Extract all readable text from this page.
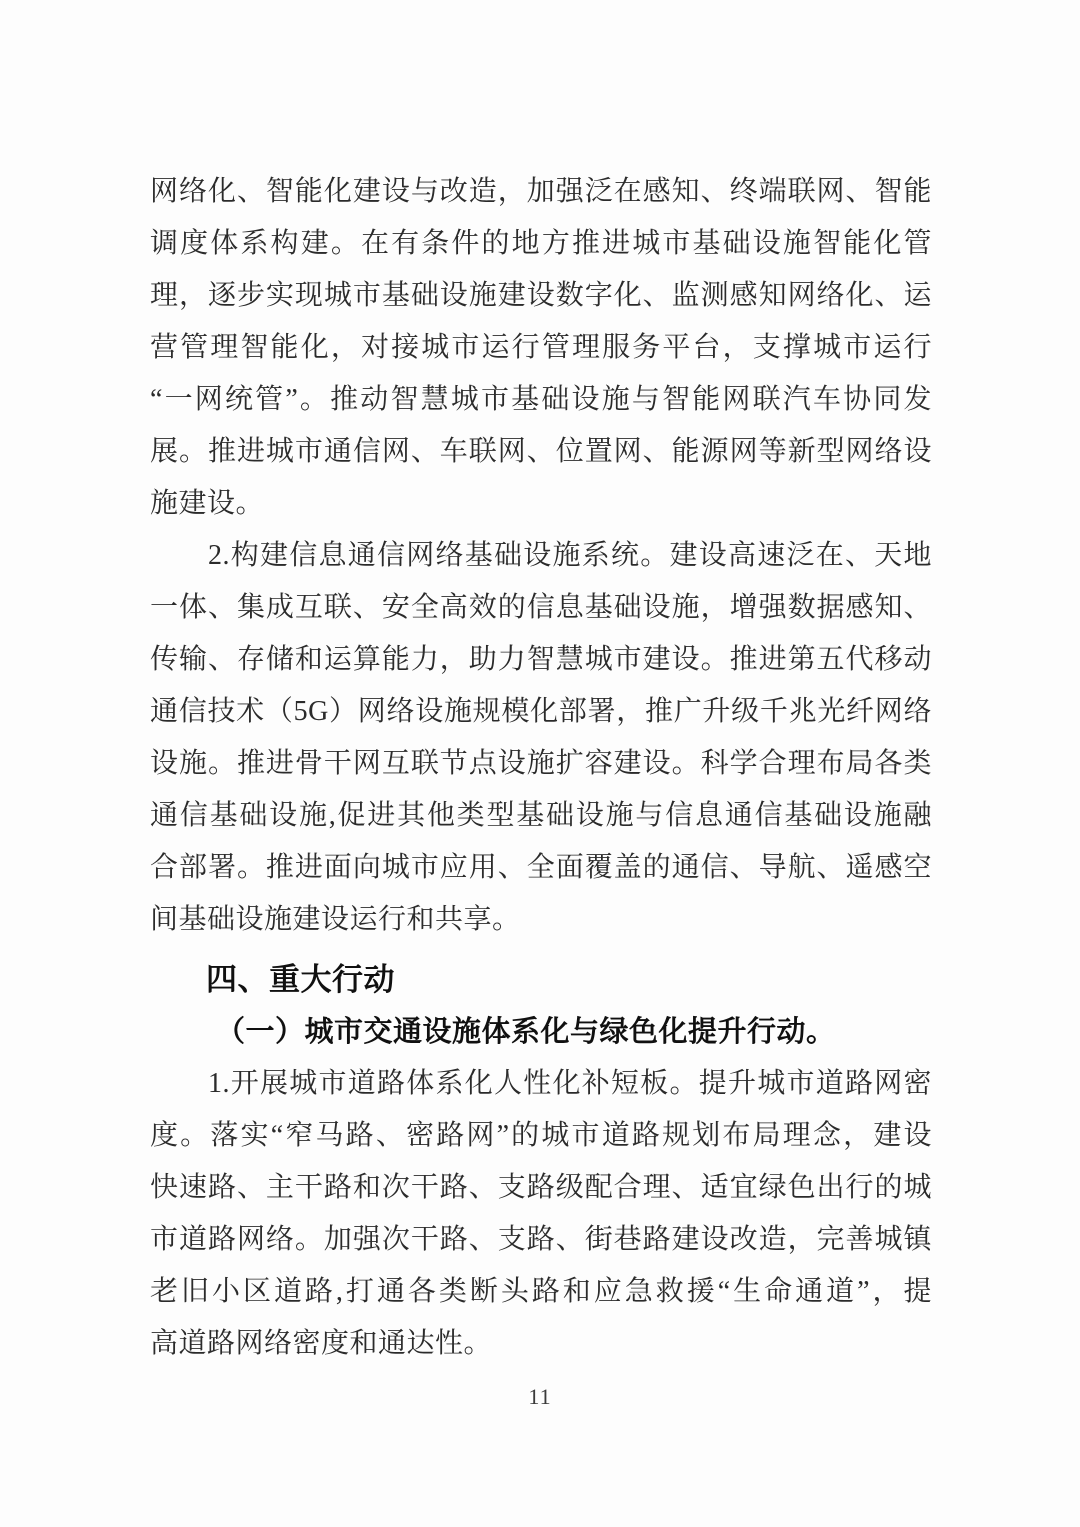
网络化、智能化建设与改造，加强泛在感知、终端联网、智能
调度体系构建。在有条件的地方推进城市基础设施智能化管
理，逐步实现城市基础设施建设数字化、监测感知网络化、运
营管理智能化，对接城市运行管理服务平台，支撑城市运行
“一网统管”。推动智慧城市基础设施与智能网联汽车协同发
展。推进城市通信网、车联网、位置网、能源网等新型网络设
施建设。
2.构建信息通信网络基础设施系统。建设高速泛在、天地
一体、集成互联、安全高效的信息基础设施，增强数据感知、
传输、存储和运算能力，助力智慧城市建设。推进第五代移动
通信技术（5G）网络设施规模化部署，推广升级千兆光纤网络
设施。推进骨干网互联节点设施扩容建设。科学合理布局各类
通信基础设施,促进其他类型基础设施与信息通信基础设施融
合部署。推进面向城市应用、全面覆盖的通信、导航、遥感空
间基础设施建设运行和共享。
四、重大行动
（一）城市交通设施体系化与绿色化提升行动。
1.开展城市道路体系化人性化补短板。提升城市道路网密
度。落实“窄马路、密路网”的城市道路规划布局理念，建设
快速路、主干路和次干路、支路级配合理、适宜绿色出行的城
市道路网络。加强次干路、支路、街巷路建设改造，完善城镇
老旧小区道路,打通各类断头路和应急救援“生命通道”，提
高道路网络密度和通达性。
11
